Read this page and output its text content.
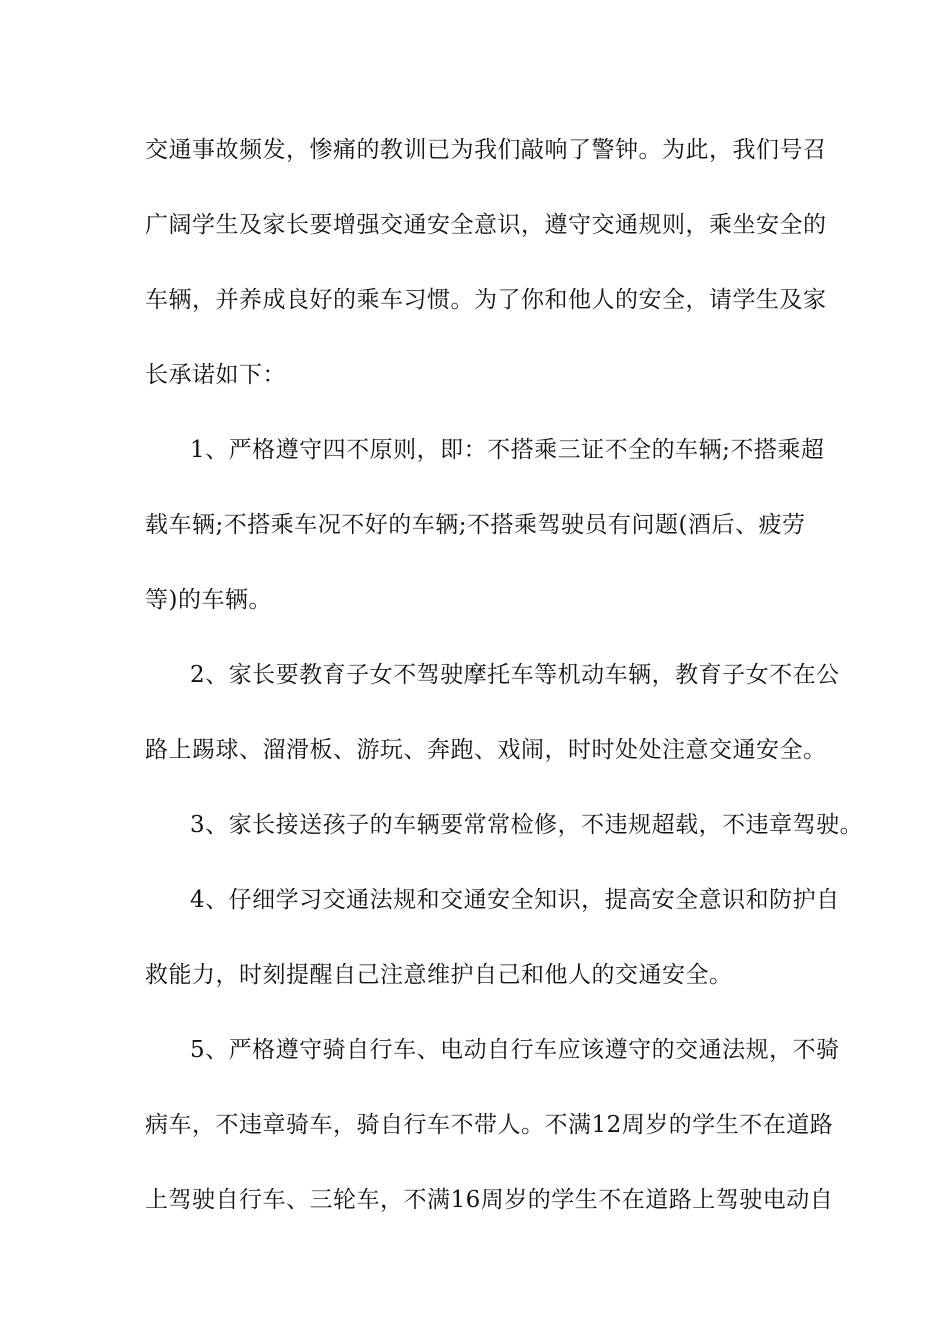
交通事故频发，惨痛的教训已为我们敲响了警钟。为此，我们号召
广阔学生及家长要增强交通安全意识，遵守交通规则，乘坐安全的
车辆，并养成良好的乘车习惯。为了你和他人的安全，请学生及家
长承诺如下：
1、严格遵守四不原则，即：不搭乘三证不全的车辆;不搭乘超
载车辆;不搭乘车况不好的车辆;不搭乘驾驶员有问题(酒后、疲劳
等)的车辆。
2、家长要教育子女不驾驶摩托车等机动车辆，教育子女不在公
路上踢球、溜滑板、游玩、奔跑、戏闹，时时处处注意交通安全。
3、家长接送孩子的车辆要常常检修，不违规超载，不违章驾驶。
4、仔细学习交通法规和交通安全知识，提高安全意识和防护自
救能力，时刻提醒自己注意维护自己和他人的交通安全。
5、严格遵守骑自行车、电动自行车应该遵守的交通法规，不骑
病车，不违章骑车，骑自行车不带人。不满12周岁的学生不在道路
上驾驶自行车、三轮车，不满16周岁的学生不在道路上驾驶电动自
